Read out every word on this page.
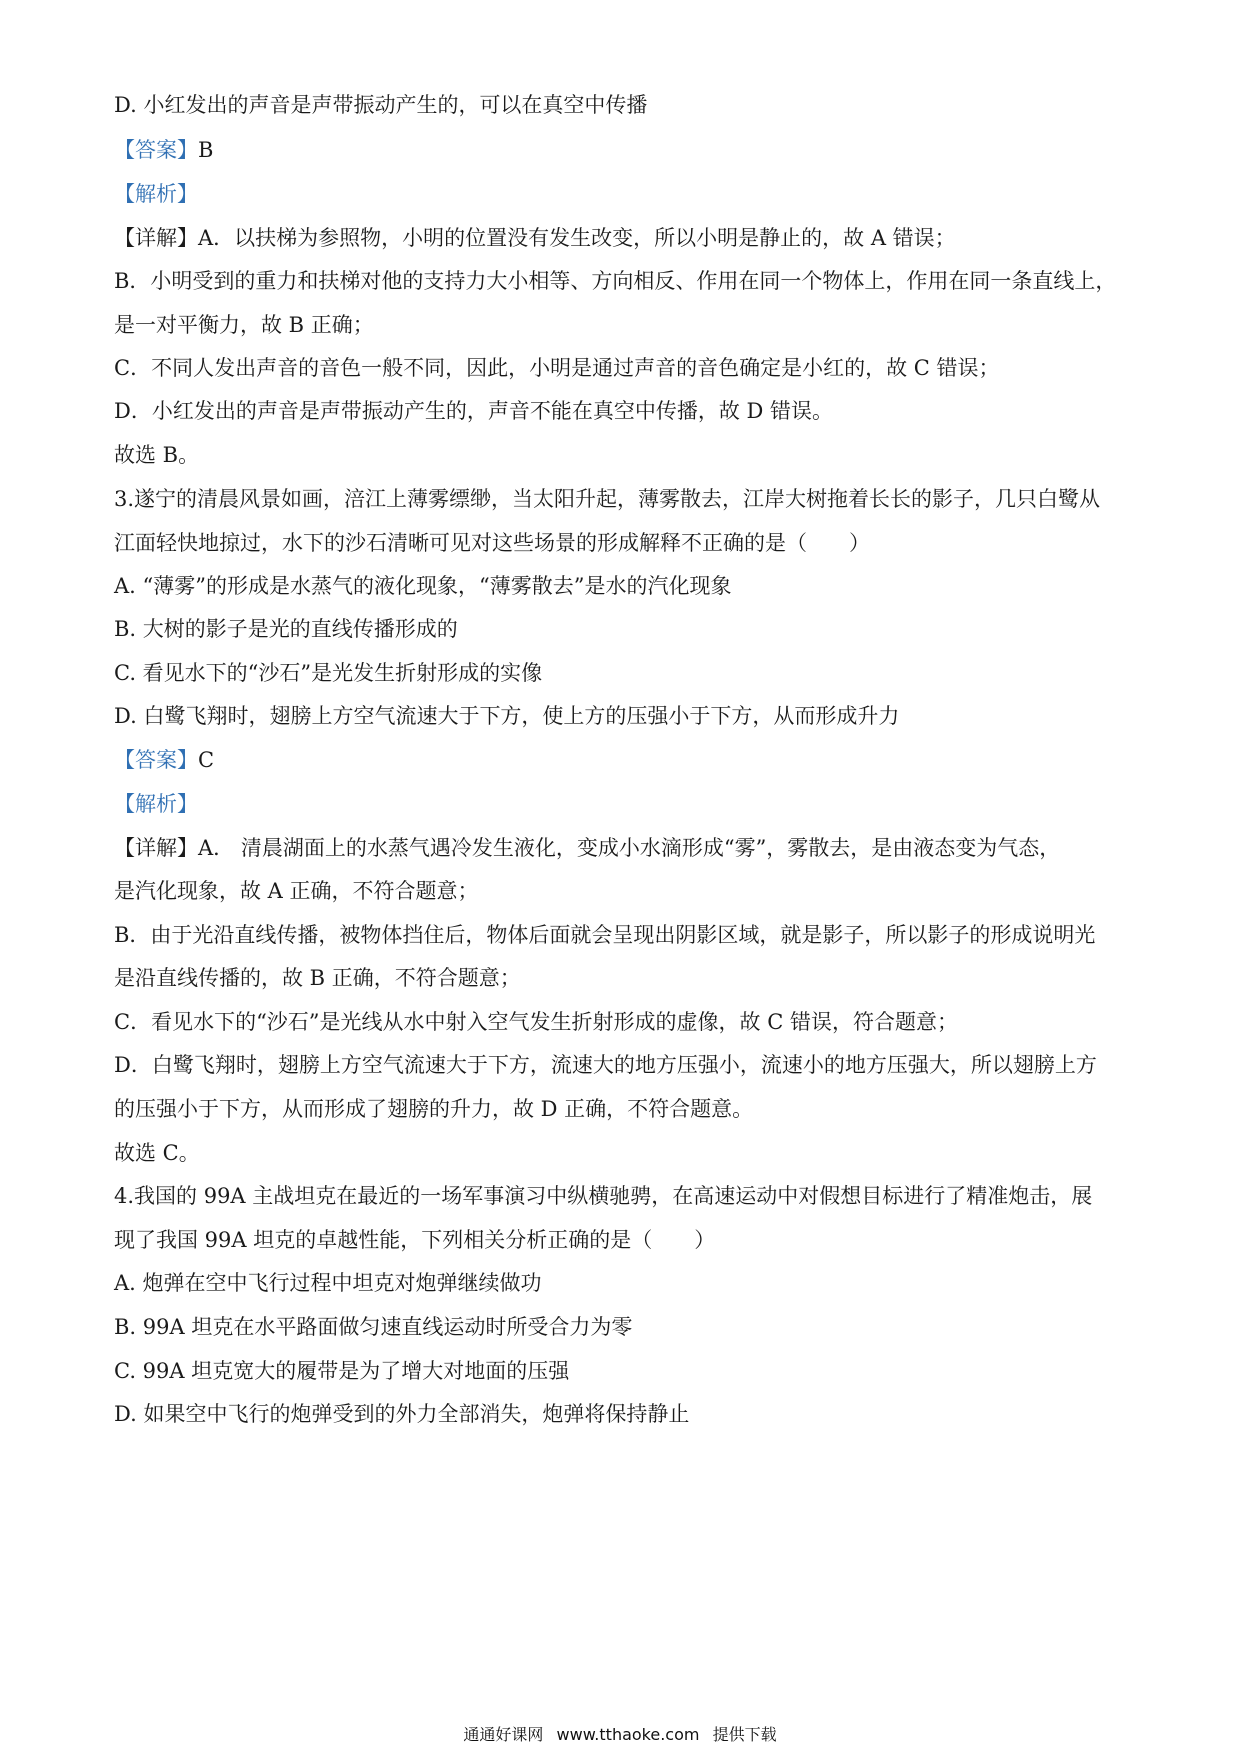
D. 小红发出的声音是声带振动产生的，可以在真空中传播
【答案】B
【解析】
【详解】A．以扶梯为参照物，小明的位置没有发生改变，所以小明是静止的，故 A 错误；
B．小明受到的重力和扶梯对他的支持力大小相等、方向相反、作用在同一个物体上，作用在同一条直线上，
是一对平衡力，故 B 正确；
C．不同人发出声音的音色一般不同，因此，小明是通过声音的音色确定是小红的，故 C 错误；
D．小红发出的声音是声带振动产生的，声音不能在真空中传播，故 D 错误。
故选 B。
3.遂宁的清晨风景如画，涪江上薄雾缥缈，当太阳升起，薄雾散去，江岸大树拖着长长的影子，几只白鹭从
江面轻快地掠过，水下的沙石清晰可见对这些场景的形成解释不正确的是（　　）
A. “薄雾”的形成是水蒸气的液化现象，“薄雾散去”是水的汽化现象
B. 大树的影子是光的直线传播形成的
C. 看见水下的“沙石”是光发生折射形成的实像
D. 白鹭飞翔时，翅膀上方空气流速大于下方，使上方的压强小于下方，从而形成升力
【答案】C
【解析】
【详解】A． 清晨湖面上的水蒸气遇冷发生液化，变成小水滴形成“雾”，雾散去，是由液态变为气态，
是汽化现象，故 A 正确，不符合题意；
B．由于光沿直线传播，被物体挡住后，物体后面就会呈现出阴影区域，就是影子，所以影子的形成说明光
是沿直线传播的，故 B 正确，不符合题意；
C．看见水下的“沙石”是光线从水中射入空气发生折射形成的虚像，故 C 错误，符合题意；
D．白鹭飞翔时，翅膀上方空气流速大于下方，流速大的地方压强小，流速小的地方压强大，所以翅膀上方
的压强小于下方，从而形成了翅膀的升力，故 D 正确，不符合题意。
故选 C。
4.我国的 99A 主战坦克在最近的一场军事演习中纵横驰骋，在高速运动中对假想目标进行了精准炮击，展
现了我国 99A 坦克的卓越性能，下列相关分析正确的是（　　）
A. 炮弹在空中飞行过程中坦克对炮弹继续做功
B. 99A 坦克在水平路面做匀速直线运动时所受合力为零
C. 99A 坦克宽大的履带是为了增大对地面的压强
D. 如果空中飞行的炮弹受到的外力全部消失，炮弹将保持静止
通通好课网 www.tthaoke.com 提供下载
